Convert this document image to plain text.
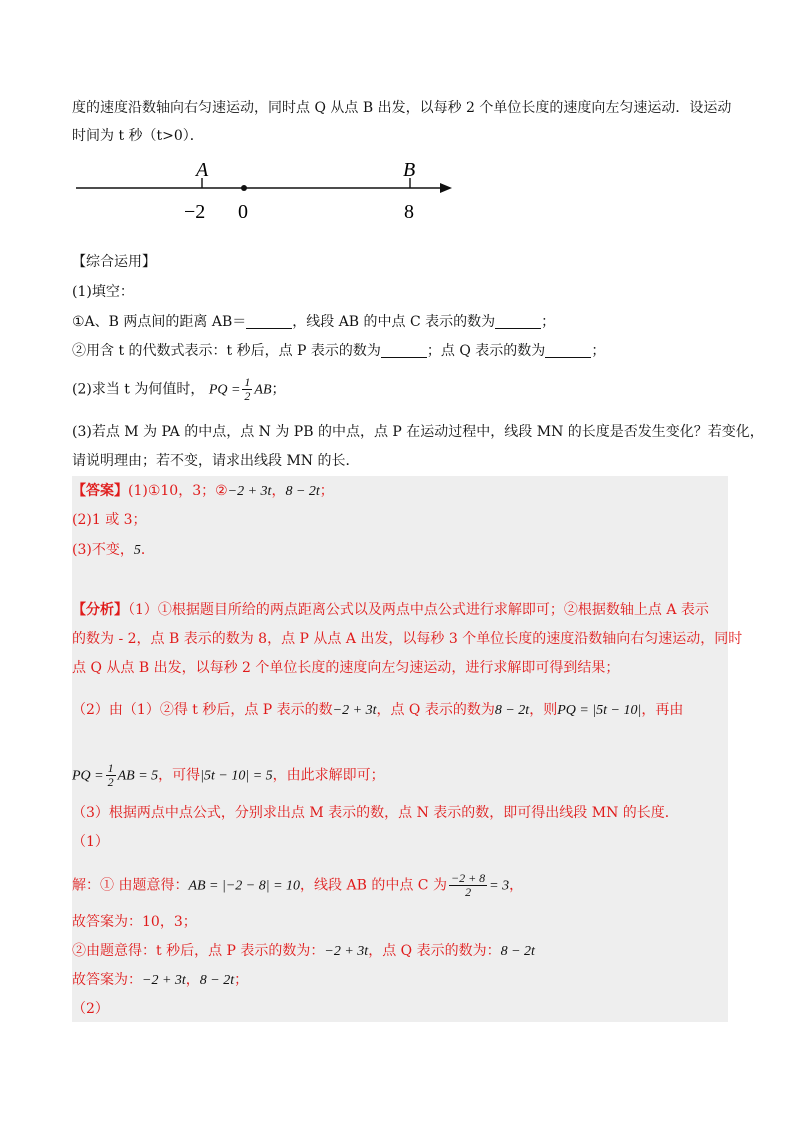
度的速度沿数轴向右匀速运动，同时点 Q 从点 B 出发，以每秒 2 个单位长度的速度向左匀速运动．设运动
时间为 t 秒（t>0）．
A	B
−2 0	8
【综合运用】
(1)填空：
①A、B 两点间的距离 AB＝	，线段 AB 的中点 C 表示的数为	；
②用含 t 的代数式表示：t 秒后，点 P 表示的数为	；点 Q 表示的数为	；
(2)求当 t 为何值时， PQ = $\frac{1}{2}$ AB；
(3)若点 M 为 PA 的中点，点 N 为 PB 的中点，点 P 在运动过程中，线段 MN 的长度是否发生变化？若变化，
请说明理由；若不变，请求出线段 MN 的长．
【答案】(1)①10，3；②−2 + 3t，8 − 2t；
(2)1 或 3；
(3)不变，5．
【分析】（1）①根据题目所给的两点距离公式以及两点中点公式进行求解即可；②根据数轴上点 A 表示
的数为 - 2，点 B 表示的数为 8，点 P 从点 A 出发，以每秒 3 个单位长度的速度沿数轴向右匀速运动，同时
点 Q 从点 B 出发，以每秒 2 个单位长度的速度向左匀速运动，进行求解即可得到结果；
（2）由（1）②得 t 秒后，点 P 表示的数−2 + 3t，点 Q 表示的数为8 − 2t，则PQ = |5t − 10|，再由
PQ = $\frac{1}{2}$ AB = 5，可得|5t − 10| = 5，由此求解即可；
（3）根据两点中点公式，分别求出点 M 表示的数，点 N 表示的数，即可得出线段 MN 的长度．
（1）
解：① 由题意得：AB = |−2 − 8| = 10，线段 AB 的中点 C 为 $\frac{-2 + 8}{2} = 3$，
故答案为：10，3；
②由题意得：t 秒后，点 P 表示的数为：−2 + 3t，点 Q 表示的数为：8 − 2t
故答案为：−2 + 3t，8 − 2t；
（2）
